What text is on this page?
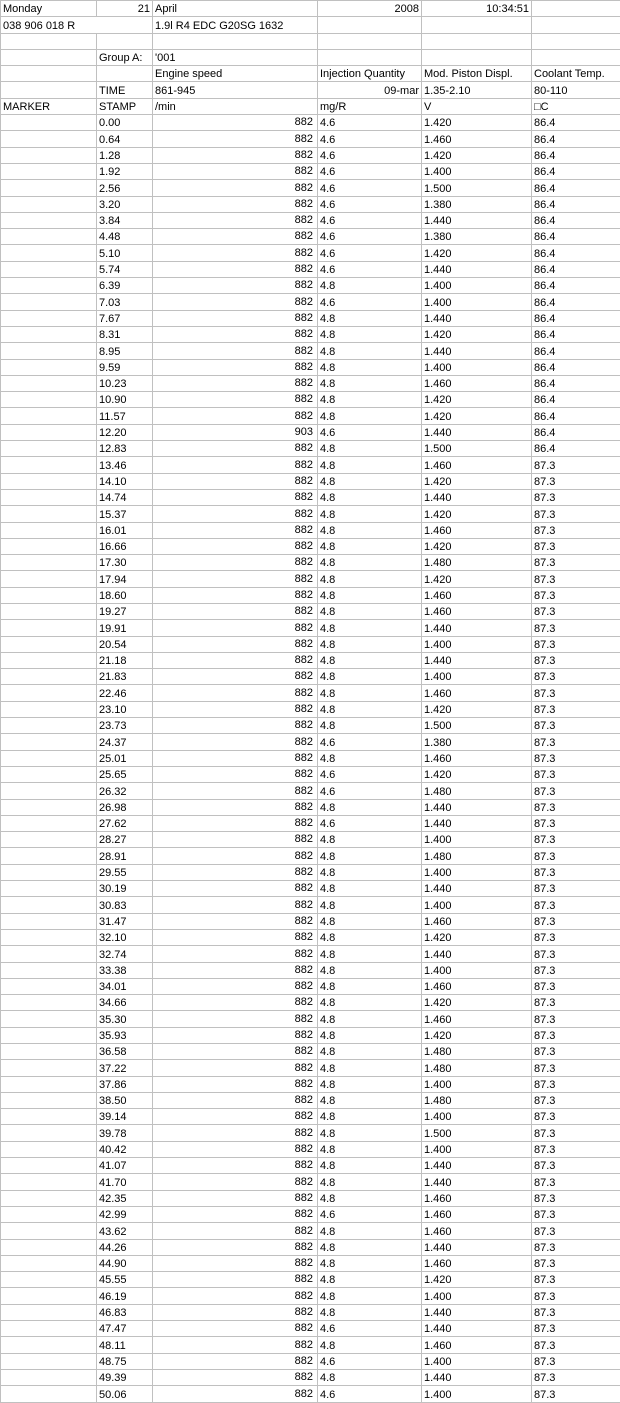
Monday	21	April	2008	10:34:51	
038 906 018 R		1.9l R4 EDC G20SG 1632			

	Group A:	'001			
		Engine speed	Injection Quantity	Mod. Piston Displ.	Coolant Temp.
	TIME	861-945	09-mar	1.35-2.10	80-110
MARKER	STAMP	/min	mg/R	V	□C
	0.00	882	4.6	1.420	86.4
	0.64	882	4.6	1.460	86.4
	1.28	882	4.6	1.420	86.4
	1.92	882	4.6	1.400	86.4
	2.56	882	4.6	1.500	86.4
	3.20	882	4.6	1.380	86.4
	3.84	882	4.6	1.440	86.4
	4.48	882	4.6	1.380	86.4
	5.10	882	4.6	1.420	86.4
	5.74	882	4.6	1.440	86.4
	6.39	882	4.8	1.400	86.4
	7.03	882	4.6	1.400	86.4
	7.67	882	4.8	1.440	86.4
	8.31	882	4.8	1.420	86.4
	8.95	882	4.8	1.440	86.4
	9.59	882	4.8	1.400	86.4
	10.23	882	4.8	1.460	86.4
	10.90	882	4.8	1.420	86.4
	11.57	882	4.8	1.420	86.4
	12.20	903	4.6	1.440	86.4
	12.83	882	4.8	1.500	86.4
	13.46	882	4.8	1.460	87.3
	14.10	882	4.8	1.420	87.3
	14.74	882	4.8	1.440	87.3
	15.37	882	4.8	1.420	87.3
	16.01	882	4.8	1.460	87.3
	16.66	882	4.8	1.420	87.3
	17.30	882	4.8	1.480	87.3
	17.94	882	4.8	1.420	87.3
	18.60	882	4.8	1.460	87.3
	19.27	882	4.8	1.460	87.3
	19.91	882	4.8	1.440	87.3
	20.54	882	4.8	1.400	87.3
	21.18	882	4.8	1.440	87.3
	21.83	882	4.8	1.400	87.3
	22.46	882	4.8	1.460	87.3
	23.10	882	4.8	1.420	87.3
	23.73	882	4.8	1.500	87.3
	24.37	882	4.6	1.380	87.3
	25.01	882	4.8	1.460	87.3
	25.65	882	4.6	1.420	87.3
	26.32	882	4.6	1.480	87.3
	26.98	882	4.8	1.440	87.3
	27.62	882	4.6	1.440	87.3
	28.27	882	4.8	1.400	87.3
	28.91	882	4.8	1.480	87.3
	29.55	882	4.8	1.400	87.3
	30.19	882	4.8	1.440	87.3
	30.83	882	4.8	1.400	87.3
	31.47	882	4.8	1.460	87.3
	32.10	882	4.8	1.420	87.3
	32.74	882	4.8	1.440	87.3
	33.38	882	4.8	1.400	87.3
	34.01	882	4.8	1.460	87.3
	34.66	882	4.8	1.420	87.3
	35.30	882	4.8	1.460	87.3
	35.93	882	4.8	1.420	87.3
	36.58	882	4.8	1.480	87.3
	37.22	882	4.8	1.480	87.3
	37.86	882	4.8	1.400	87.3
	38.50	882	4.8	1.480	87.3
	39.14	882	4.8	1.400	87.3
	39.78	882	4.8	1.500	87.3
	40.42	882	4.8	1.400	87.3
	41.07	882	4.8	1.440	87.3
	41.70	882	4.8	1.440	87.3
	42.35	882	4.8	1.460	87.3
	42.99	882	4.6	1.460	87.3
	43.62	882	4.8	1.460	87.3
	44.26	882	4.8	1.440	87.3
	44.90	882	4.8	1.460	87.3
	45.55	882	4.8	1.420	87.3
	46.19	882	4.8	1.400	87.3
	46.83	882	4.8	1.440	87.3
	47.47	882	4.6	1.440	87.3
	48.11	882	4.8	1.460	87.3
	48.75	882	4.6	1.400	87.3
	49.39	882	4.8	1.440	87.3
	50.06	882	4.6	1.400	87.3
